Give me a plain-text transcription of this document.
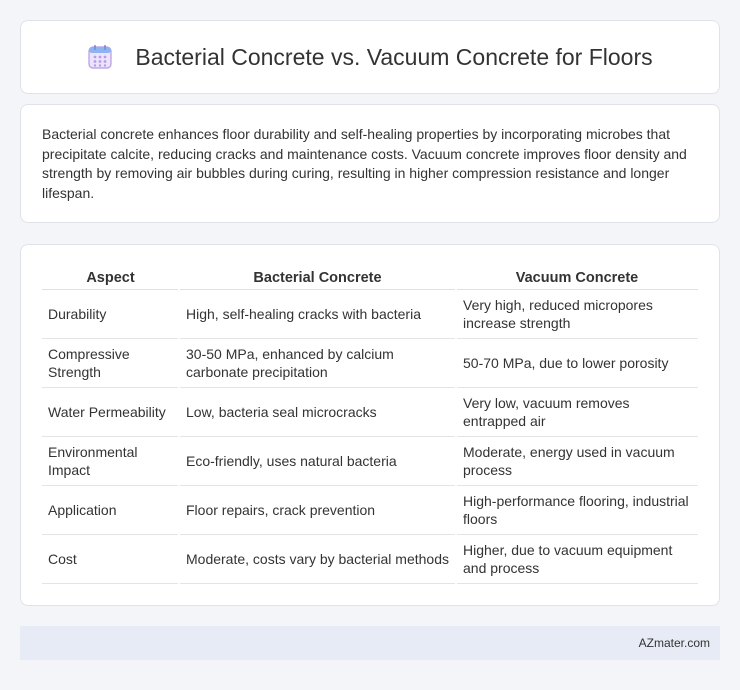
Bacterial Concrete vs. Vacuum Concrete for Floors

Bacterial concrete enhances floor durability and self-healing properties by incorporating microbes that precipitate calcite, reducing cracks and maintenance costs. Vacuum concrete improves floor density and strength by removing air bubbles during curing, resulting in higher compression resistance and longer lifespan.

Aspect	Bacterial Concrete	Vacuum Concrete
Durability	High, self-healing cracks with bacteria	Very high, reduced micropores increase strength
Compressive Strength	30-50 MPa, enhanced by calcium carbonate precipitation	50-70 MPa, due to lower porosity
Water Permeability	Low, bacteria seal microcracks	Very low, vacuum removes entrapped air
Environmental Impact	Eco-friendly, uses natural bacteria	Moderate, energy used in vacuum process
Application	Floor repairs, crack prevention	High-performance flooring, industrial floors
Cost	Moderate, costs vary by bacterial methods	Higher, due to vacuum equipment and process
AZmater.com
